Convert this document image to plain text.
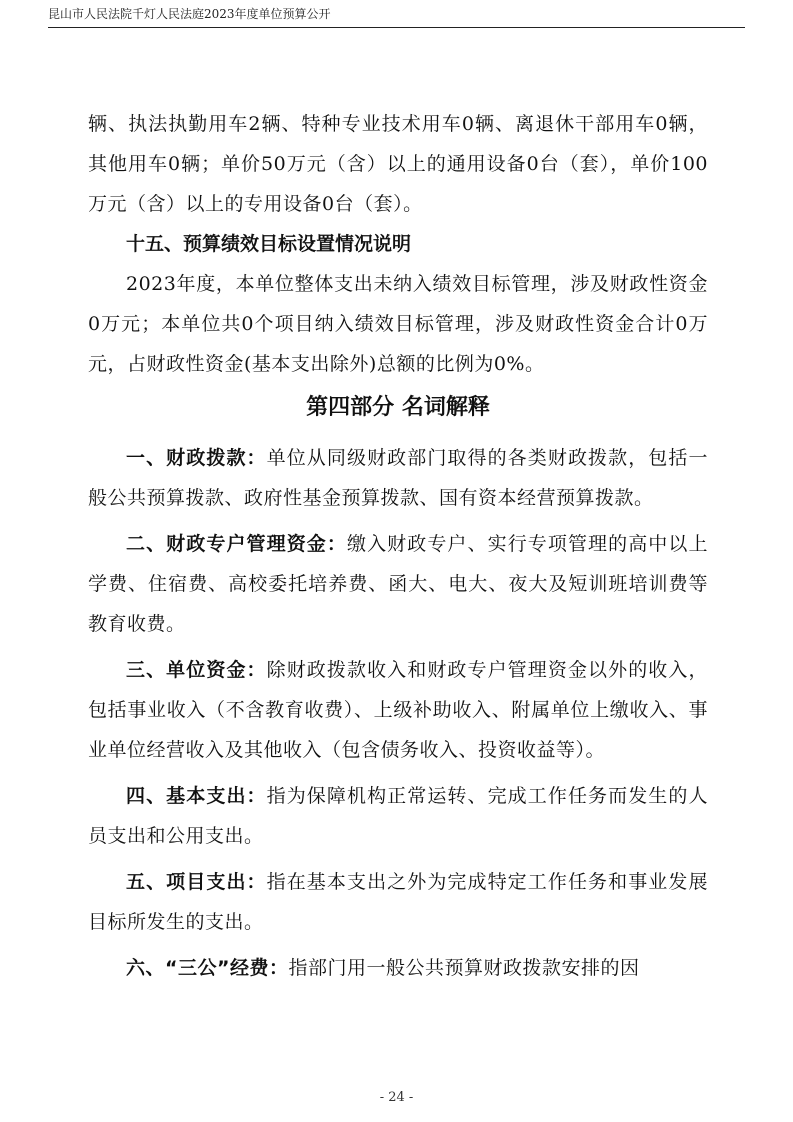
昆山市人民法院千灯人民法庭2023年度单位预算公开

辆、执法执勤用车2辆、特种专业技术用车0辆、离退休干部用车0辆，其他用车0辆；单价50万元（含）以上的通用设备0台（套），单价100万元（含）以上的专用设备0台（套）。

十五、预算绩效目标设置情况说明

2023年度，本单位整体支出未纳入绩效目标管理，涉及财政性资金0万元；本单位共0个项目纳入绩效目标管理，涉及财政性资金合计0万元，占财政性资金(基本支出除外)总额的比例为0%。

第四部分 名词解释

一、财政拨款：单位从同级财政部门取得的各类财政拨款，包括一般公共预算拨款、政府性基金预算拨款、国有资本经营预算拨款。

二、财政专户管理资金：缴入财政专户、实行专项管理的高中以上学费、住宿费、高校委托培养费、函大、电大、夜大及短训班培训费等教育收费。

三、单位资金：除财政拨款收入和财政专户管理资金以外的收入，包括事业收入（不含教育收费）、上级补助收入、附属单位上缴收入、事业单位经营收入及其他收入（包含债务收入、投资收益等）。

四、基本支出：指为保障机构正常运转、完成工作任务而发生的人员支出和公用支出。

五、项目支出：指在基本支出之外为完成特定工作任务和事业发展目标所发生的支出。

六、“三公”经费：指部门用一般公共预算财政拨款安排的因

- 24 -
